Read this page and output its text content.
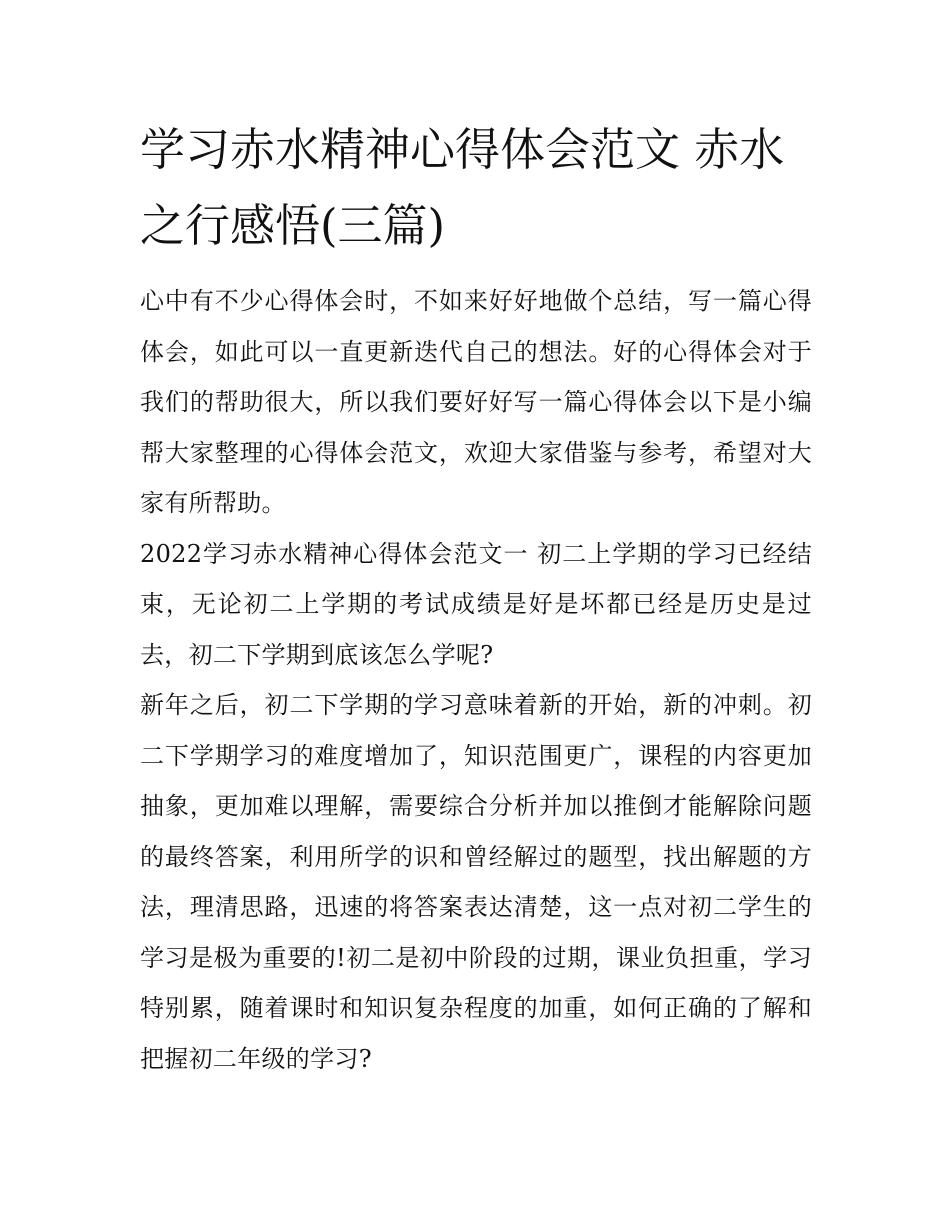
学习赤水精神心得体会范文 赤水之行感悟(三篇)

心中有不少心得体会时，不如来好好地做个总结，写一篇心得体会，如此可以一直更新迭代自己的想法。好的心得体会对于我们的帮助很大，所以我们要好好写一篇心得体会以下是小编帮大家整理的心得体会范文，欢迎大家借鉴与参考，希望对大家有所帮助。

2022学习赤水精神心得体会范文一 初二上学期的学习已经结束，无论初二上学期的考试成绩是好是坏都已经是历史是过去，初二下学期到底该怎么学呢?

新年之后，初二下学期的学习意味着新的开始，新的冲刺。初二下学期学习的难度增加了，知识范围更广，课程的内容更加抽象，更加难以理解，需要综合分析并加以推倒才能解除问题的最终答案，利用所学的识和曾经解过的题型，找出解题的方法，理清思路，迅速的将答案表达清楚，这一点对初二学生的学习是极为重要的!初二是初中阶段的过期，课业负担重，学习特别累，随着课时和知识复杂程度的加重，如何正确的了解和把握初二年级的学习?
